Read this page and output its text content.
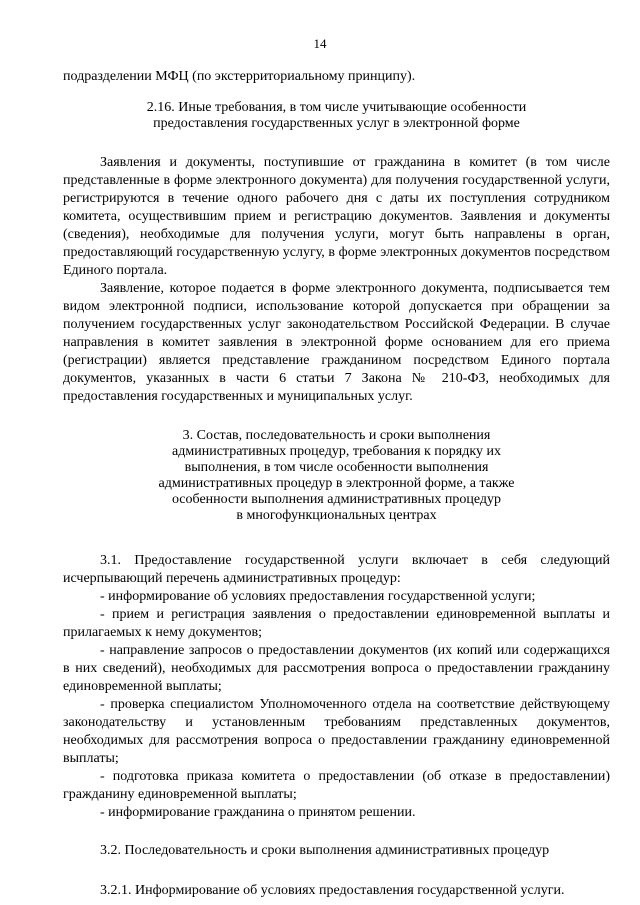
14

подразделении МФЦ (по экстерриториальному принципу).

2.16. Иные требования, в том числе учитывающие особенности
предоставления государственных услуг в электронной форме

Заявления и документы, поступившие от гражданина в комитет (в том числе представленные в форме электронного документа) для получения государственной услуги, регистрируются в течение одного рабочего дня с даты их поступления сотрудником комитета, осуществившим прием и регистрацию документов. Заявления и документы (сведения), необходимые для получения услуги, могут быть направлены в орган, предоставляющий государственную услугу, в форме электронных документов посредством Единого портала.

Заявление, которое подается в форме электронного документа, подписывается тем видом электронной подписи, использование которой допускается при обращении за получением государственных услуг законодательством Российской Федерации. В случае направления в комитет заявления в электронной форме основанием для его приема (регистрации) является представление гражданином посредством Единого портала документов, указанных в части 6 статьи 7 Закона № 210-ФЗ, необходимых для предоставления государственных и муниципальных услуг.

3. Состав, последовательность и сроки выполнения
административных процедур, требования к порядку их
выполнения, в том числе особенности выполнения
административных процедур в электронной форме, а также
особенности выполнения административных процедур
в многофункциональных центрах

3.1. Предоставление государственной услуги включает в себя следующий исчерпывающий перечень административных процедур:

- информирование об условиях предоставления государственной услуги;

- прием и регистрация заявления о предоставлении единовременной выплаты и прилагаемых к нему документов;

- направление запросов о предоставлении документов (их копий или содержащихся в них сведений), необходимых для рассмотрения вопроса о предоставлении гражданину единовременной выплаты;

- проверка специалистом Уполномоченного отдела на соответствие действующему законодательству и установленным требованиям представленных документов, необходимых для рассмотрения вопроса о предоставлении гражданину единовременной выплаты;

- подготовка приказа комитета о предоставлении (об отказе в предоставлении) гражданину единовременной выплаты;

- информирование гражданина о принятом решении.

3.2. Последовательность и сроки выполнения административных процедур

3.2.1. Информирование об условиях предоставления государственной услуги.
